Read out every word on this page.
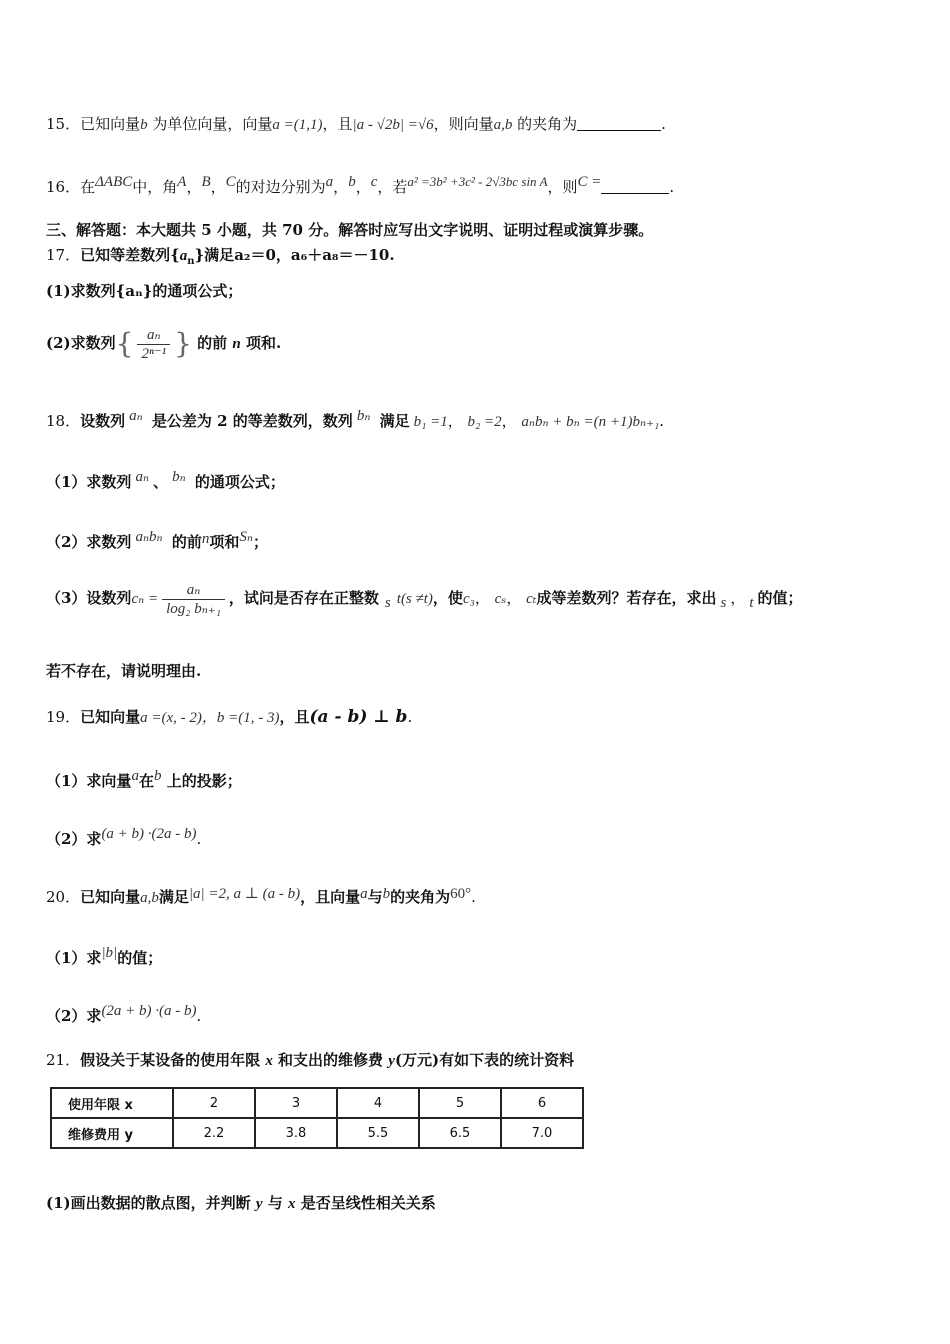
15．已知向量b 为单位向量，向量a =(1,1)，且|a - √2b| =√6，则向量a,b 的夹角为	.
16．在ΔABC中，角A，B，C的对边分别为a，b，c，若a² =3b² +3c² - 2√3bc sin A，则C =	.
三、解答题：本大题共 5 小题，共 70 分。解答时应写出文字说明、证明过程或演算步骤。
17．已知等差数列$\{a_n\}$满足a₂＝0，a₆＋a₈＝－10.
(1)求数列{aₙ}的通项公式；
(2)求数列{ $\frac{\text{aₙ}}{\text{2ⁿ⁻¹}}$ } 的前 n 项和.
18．设数列 aₙ 是公差为 2 的等差数列，数列 bₙ 满足 b₁ =1， b₂ =2， aₙbₙ + bₙ =(n +1)bₙ₊₁.
（1）求数列 aₙ 、 bₙ 的通项公式；
（2）求数列 aₙbₙ 的前n项和Sₙ；
（3）设数列$c_n = \frac{\text{aₙ}}{\text{log₂ bₙ₊₁}}$ ，试问是否存在正整数 s t(s ≠t)，使c₃， cₛ， cₜ成等差数列？若存在，求出 s ， t 的值；
若不存在，请说明理由.
19．已知向量a =(x, - 2)，b =(1, - 3)，且(a - b) ⊥ b.
（1）求向量a在b 上的投影；
（2）求(a + b) ·(2a - b).
20．已知向量a,b满足|a| =2, a ⊥ (a - b)，且向量a与b的夹角为60°.
（1）求|b|的值；
（2）求(2a + b) ·(a - b).
21．假设关于某设备的使用年限 x 和支出的维修费 y(万元)有如下表的统计资料
使用年限 x	2	3	4	5	6
维修费用 y	2.2	3.8	5.5	6.5	7.0
(1)画出数据的散点图，并判断 y 与 x 是否呈线性相关关系
